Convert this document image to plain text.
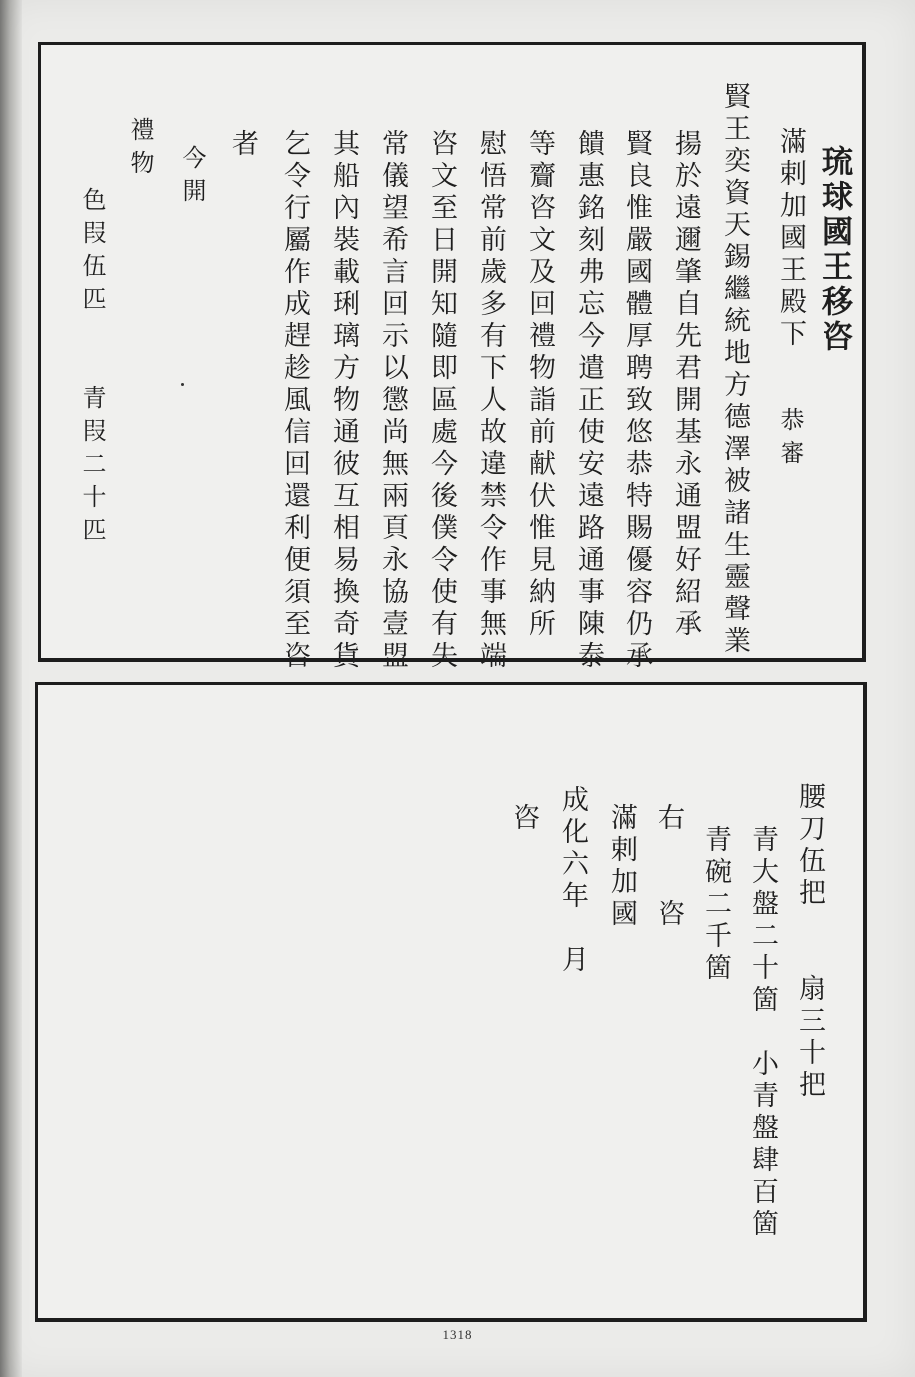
琉球國王移咨
滿剌加國王殿下
恭審
賢王奕資天錫繼統地方德澤被諸生靈聲業
揚於遠邇肇自先君開基永通盟好紹承
賢良惟嚴國體厚聘致悠恭特賜優容仍承
饋惠銘刻弗忘今遣正使安遠路通事陳泰
等齎咨文及回禮物詣前献伏惟見納所
慰悟常前歲多有下人故違禁令作事無端
咨文至日開知隨即區處今後僕令使有失
常儀望希言回示以懲尚無兩頁永協壹盟
其船內裝載琍璃方物通彼互相易換奇貨
乞令行屬作成趕趁風信回還利便須至咨
者
今開
禮物
色叚伍匹　　青叚二十匹
腰刀伍把　　扇三十把
青大盤二十箇　小青盤肆百箇
青碗二千箇
右　　咨
滿剌加國
成化六年　月
咨
1318
